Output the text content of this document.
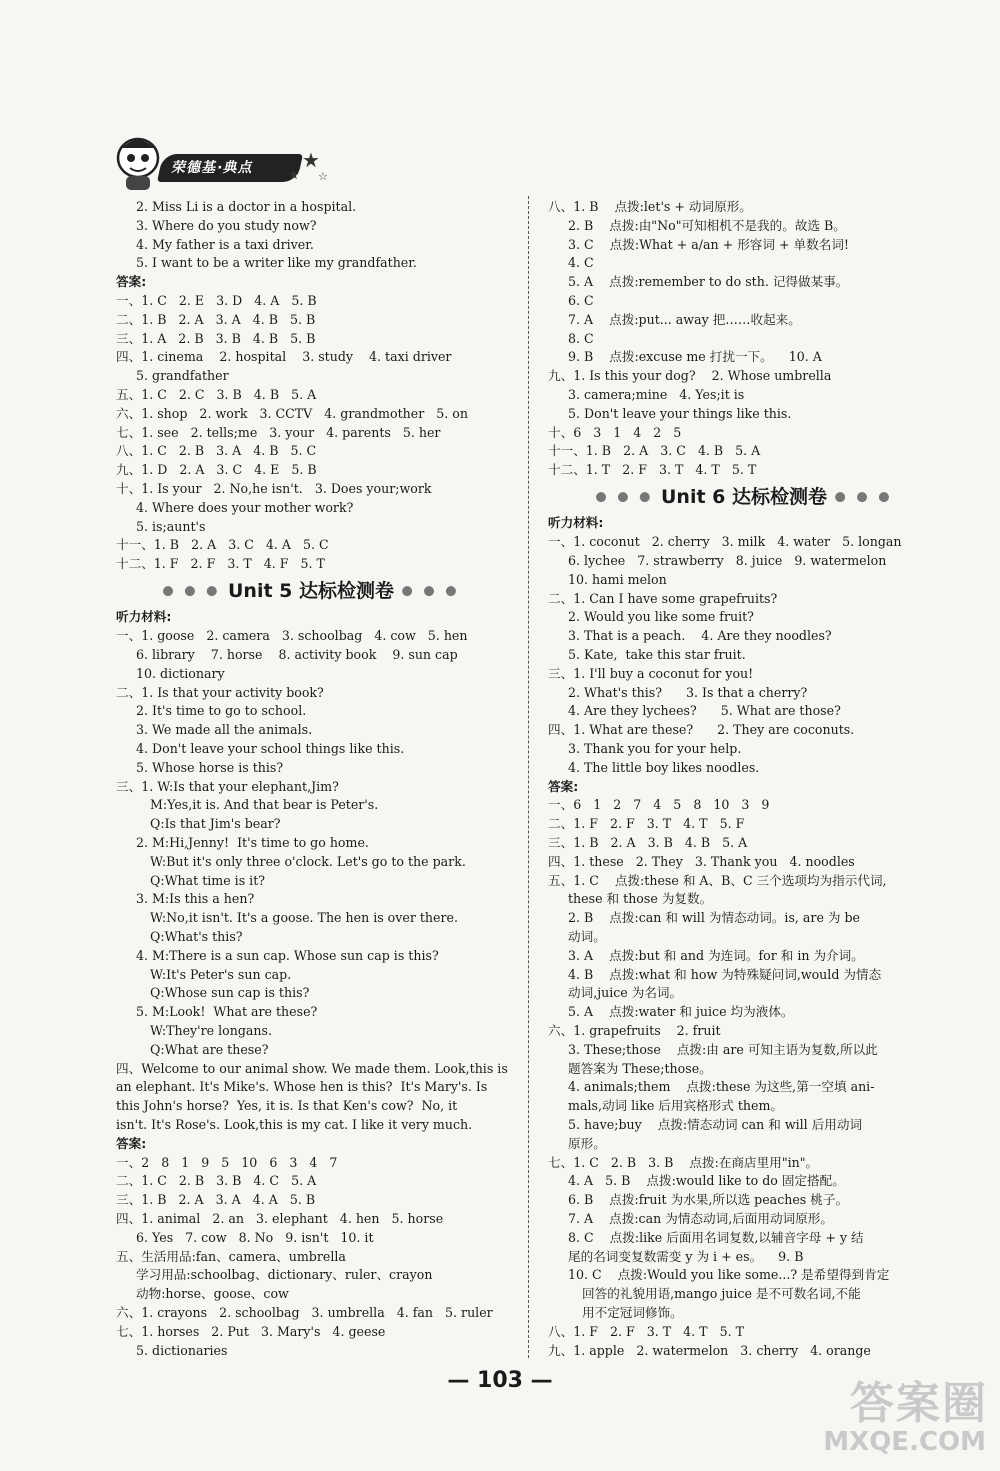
荣德基·典点	★
★ ☆
2. Miss Li is a doctor in a hospital.
3. Where do you study now?
4. My father is a taxi driver.
5. I want to be a writer like my grandfather.
答案:
一、1. C   2. E   3. D   4. A   5. B
二、1. B   2. A   3. A   4. B   5. B
三、1. A   2. B   3. B   4. B   5. B
四、1. cinema    2. hospital    3. study    4. taxi driver
5. grandfather
五、1. C   2. C   3. B   4. B   5. A
六、1. shop   2. work   3. CCTV   4. grandmother   5. on
七、1. see   2. tells;me   3. your   4. parents   5. her
八、1. C   2. B   3. A   4. B   5. C
九、1. D   2. A   3. C   4. E   5. B
十、1. Is your   2. No,he isn't.   3. Does your;work
4. Where does your mother work?
5. is;aunt's
十一、1. B   2. A   3. C   4. A   5. C
十二、1. F   2. F   3. T   4. F   5. T
● ● ● Unit 5 达标检测卷 ● ● ●
听力材料:
一、1. goose   2. camera   3. schoolbag   4. cow   5. hen
6. library    7. horse    8. activity book    9. sun cap
10. dictionary
二、1. Is that your activity book?
2. It's time to go to school.
3. We made all the animals.
4. Don't leave your school things like this.
5. Whose horse is this?
三、1. W:Is that your elephant,Jim?
M:Yes,it is. And that bear is Peter's.
Q:Is that Jim's bear?
2. M:Hi,Jenny!  It's time to go home.
W:But it's only three o'clock. Let's go to the park.
Q:What time is it?
3. M:Is this a hen?
W:No,it isn't. It's a goose. The hen is over there.
Q:What's this?
4. M:There is a sun cap. Whose sun cap is this?
W:It's Peter's sun cap.
Q:Whose sun cap is this?
5. M:Look!  What are these?
W:They're longans.
Q:What are these?
四、Welcome to our animal show. We made them. Look,this is
an elephant. It's Mike's. Whose hen is this?  It's Mary's. Is
this John's horse?  Yes, it is. Is that Ken's cow?  No, it
isn't. It's Rose's. Look,this is my cat. I like it very much.
答案:
一、2   8   1   9   5   10   6   3   4   7
二、1. C   2. B   3. B   4. C   5. A
三、1. B   2. A   3. A   4. A   5. B
四、1. animal   2. an   3. elephant   4. hen   5. horse
6. Yes   7. cow   8. No   9. isn't   10. it
五、生活用品:fan、camera、umbrella
学习用品:schoolbag、dictionary、ruler、crayon
动物:horse、goose、cow
六、1. crayons   2. schoolbag   3. umbrella   4. fan   5. ruler
七、1. horses   2. Put   3. Mary's   4. geese
5. dictionaries
八、1. B    点拨:let's + 动词原形。
2. B    点拨:由"No"可知相机不是我的。故选 B。
3. C    点拨:What + a/an + 形容词 + 单数名词!
4. C
5. A    点拨:remember to do sth. 记得做某事。
6. C
7. A    点拨:put... away 把……收起来。
8. C
9. B    点拨:excuse me 打扰一下。    10. A
九、1. Is this your dog?    2. Whose umbrella
3. camera;mine   4. Yes;it is
5. Don't leave your things like this.
十、6   3   1   4   2   5
十一、1. B   2. A   3. C   4. B   5. A
十二、1. T   2. F   3. T   4. T   5. T
● ● ● Unit 6 达标检测卷 ● ● ●
听力材料:
一、1. coconut   2. cherry   3. milk   4. water   5. longan
6. lychee   7. strawberry   8. juice   9. watermelon
10. hami melon
二、1. Can I have some grapefruits?
2. Would you like some fruit?
3. That is a peach.    4. Are they noodles?
5. Kate,  take this star fruit.
三、1. I'll buy a coconut for you!
2. What's this?      3. Is that a cherry?
4. Are they lychees?      5. What are those?
四、1. What are these?      2. They are coconuts.
3. Thank you for your help.
4. The little boy likes noodles.
答案:
一、6   1   2   7   4   5   8   10   3   9
二、1. F   2. F   3. T   4. T   5. F
三、1. B   2. A   3. B   4. B   5. A
四、1. these   2. They   3. Thank you   4. noodles
五、1. C    点拨:these 和 A、B、C 三个选项均为指示代词,
these 和 those 为复数。
2. B    点拨:can 和 will 为情态动词。is, are 为 be
动词。
3. A    点拨:but 和 and 为连词。for 和 in 为介词。
4. B    点拨:what 和 how 为特殊疑问词,would 为情态
动词,juice 为名词。
5. A    点拨:water 和 juice 均为液体。
六、1. grapefruits    2. fruit
3. These;those    点拨:由 are 可知主语为复数,所以此
题答案为 These;those。
4. animals;them    点拨:these 为这些,第一空填 ani-
mals,动词 like 后用宾格形式 them。
5. have;buy    点拨:情态动词 can 和 will 后用动词
原形。
七、1. C   2. B   3. B    点拨:在商店里用"in"。
4. A   5. B    点拨:would like to do 固定搭配。
6. B    点拨:fruit 为水果,所以选 peaches 桃子。
7. A    点拨:can 为情态动词,后面用动词原形。
8. C    点拨:like 后面用名词复数,以辅音字母 + y 结
尾的名词变复数需变 y 为 i + es。    9. B
10. C    点拨:Would you like some...? 是希望得到肯定
回答的礼貌用语,mango juice 是不可数名词,不能
用不定冠词修饰。
八、1. F   2. F   3. T   4. T   5. T
九、1. apple   2. watermelon   3. cherry   4. orange
— 103 —	答案圈
MXQE.COM
